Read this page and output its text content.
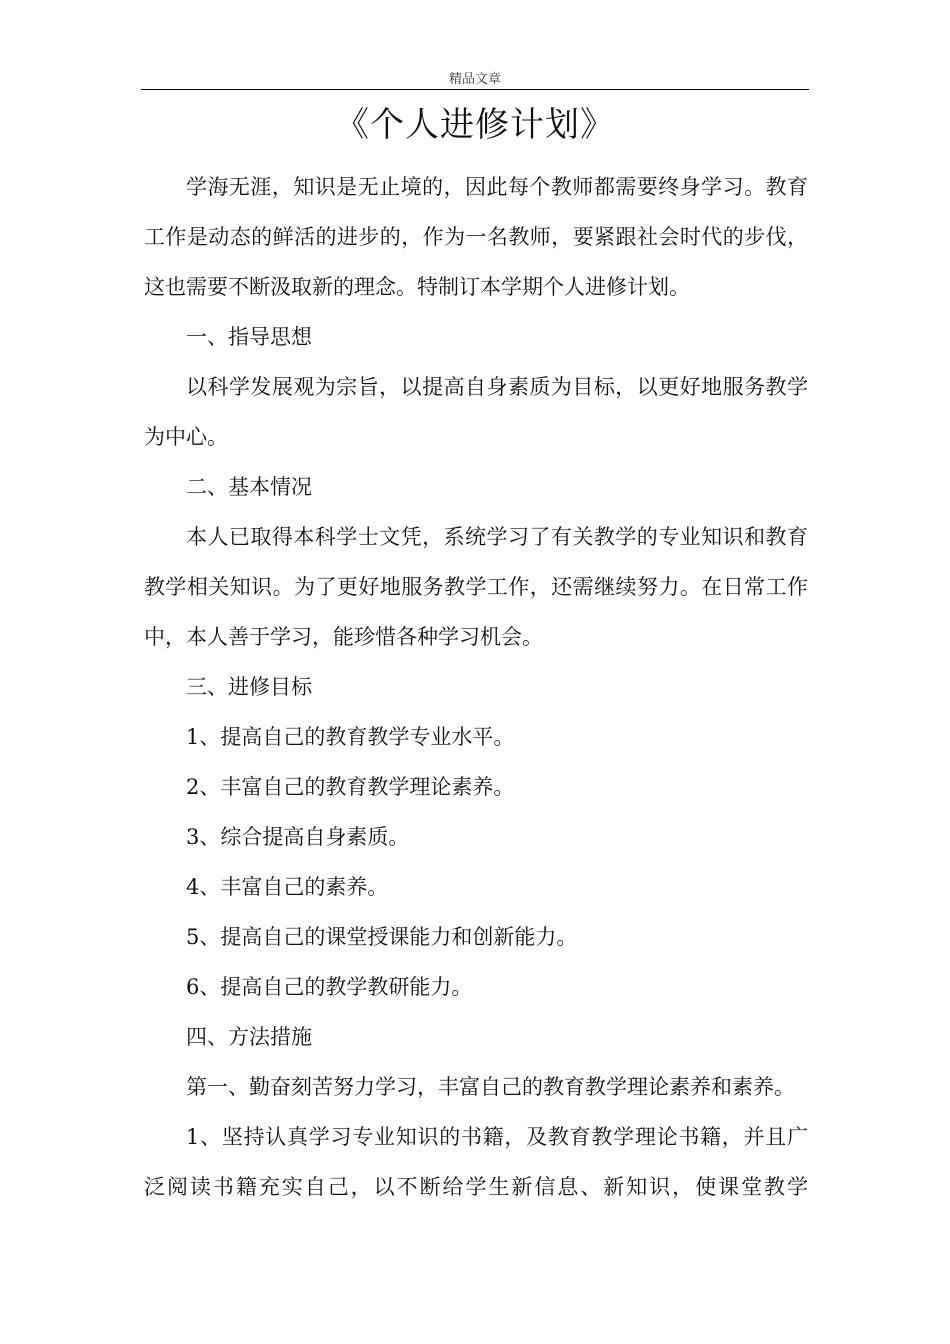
精品文章
《个人进修计划》

学海无涯，知识是无止境的，因此每个教师都需要终身学习。教育工作是动态的鲜活的进步的，作为一名教师，要紧跟社会时代的步伐，这也需要不断汲取新的理念。特制订本学期个人进修计划。

一、指导思想

以科学发展观为宗旨，以提高自身素质为目标，以更好地服务教学为中心。

二、基本情况

本人已取得本科学士文凭，系统学习了有关教学的专业知识和教育教学相关知识。为了更好地服务教学工作，还需继续努力。在日常工作中，本人善于学习，能珍惜各种学习机会。

三、进修目标

1、提高自己的教育教学专业水平。

2、丰富自己的教育教学理论素养。

3、综合提高自身素质。

4、丰富自己的素养。

5、提高自己的课堂授课能力和创新能力。

6、提高自己的教学教研能力。

四、方法措施

第一、勤奋刻苦努力学习，丰富自己的教育教学理论素养和素养。

1、坚持认真学习专业知识的书籍，及教育教学理论书籍，并且广泛阅读书籍充实自己，以不断给学生新信息、新知识，使课堂教学
